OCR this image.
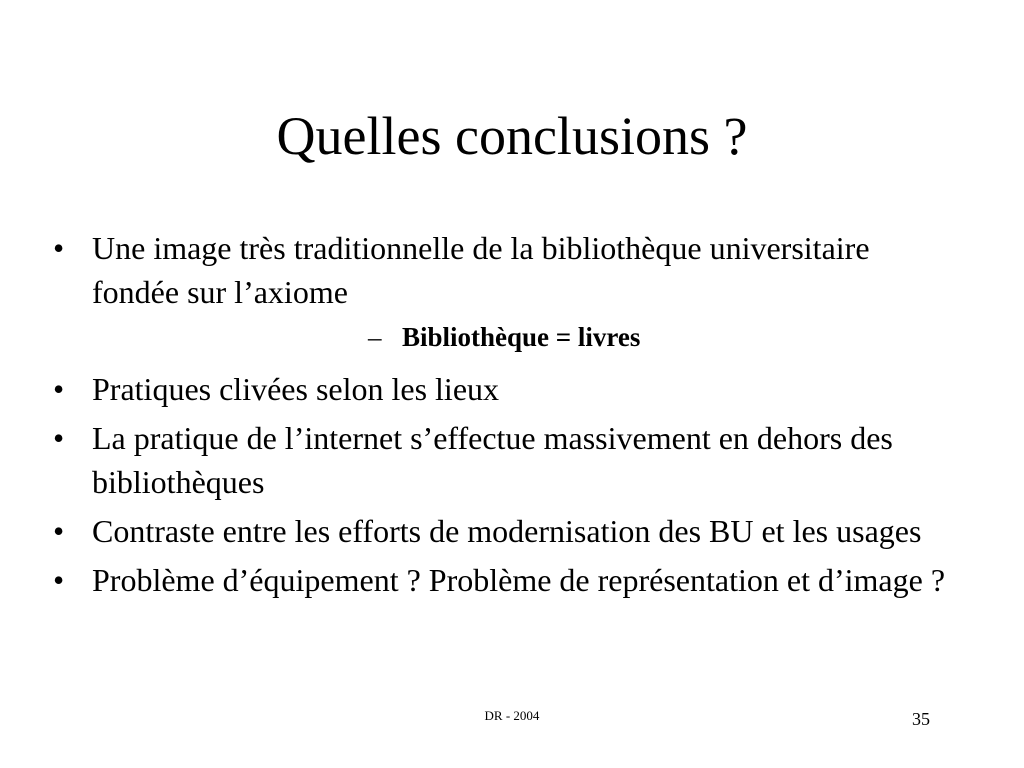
Quelles conclusions ?
• Une image très traditionnelle de la bibliothèque universitaire fondée sur l’axiome
– Bibliothèque = livres
• Pratiques clivées selon les lieux
• La pratique de l’internet s’effectue massivement en dehors des bibliothèques
• Contraste entre les efforts de modernisation des BU et les usages
• Problème d’équipement ? Problème de représentation et d’image ?
DR - 2004	35
